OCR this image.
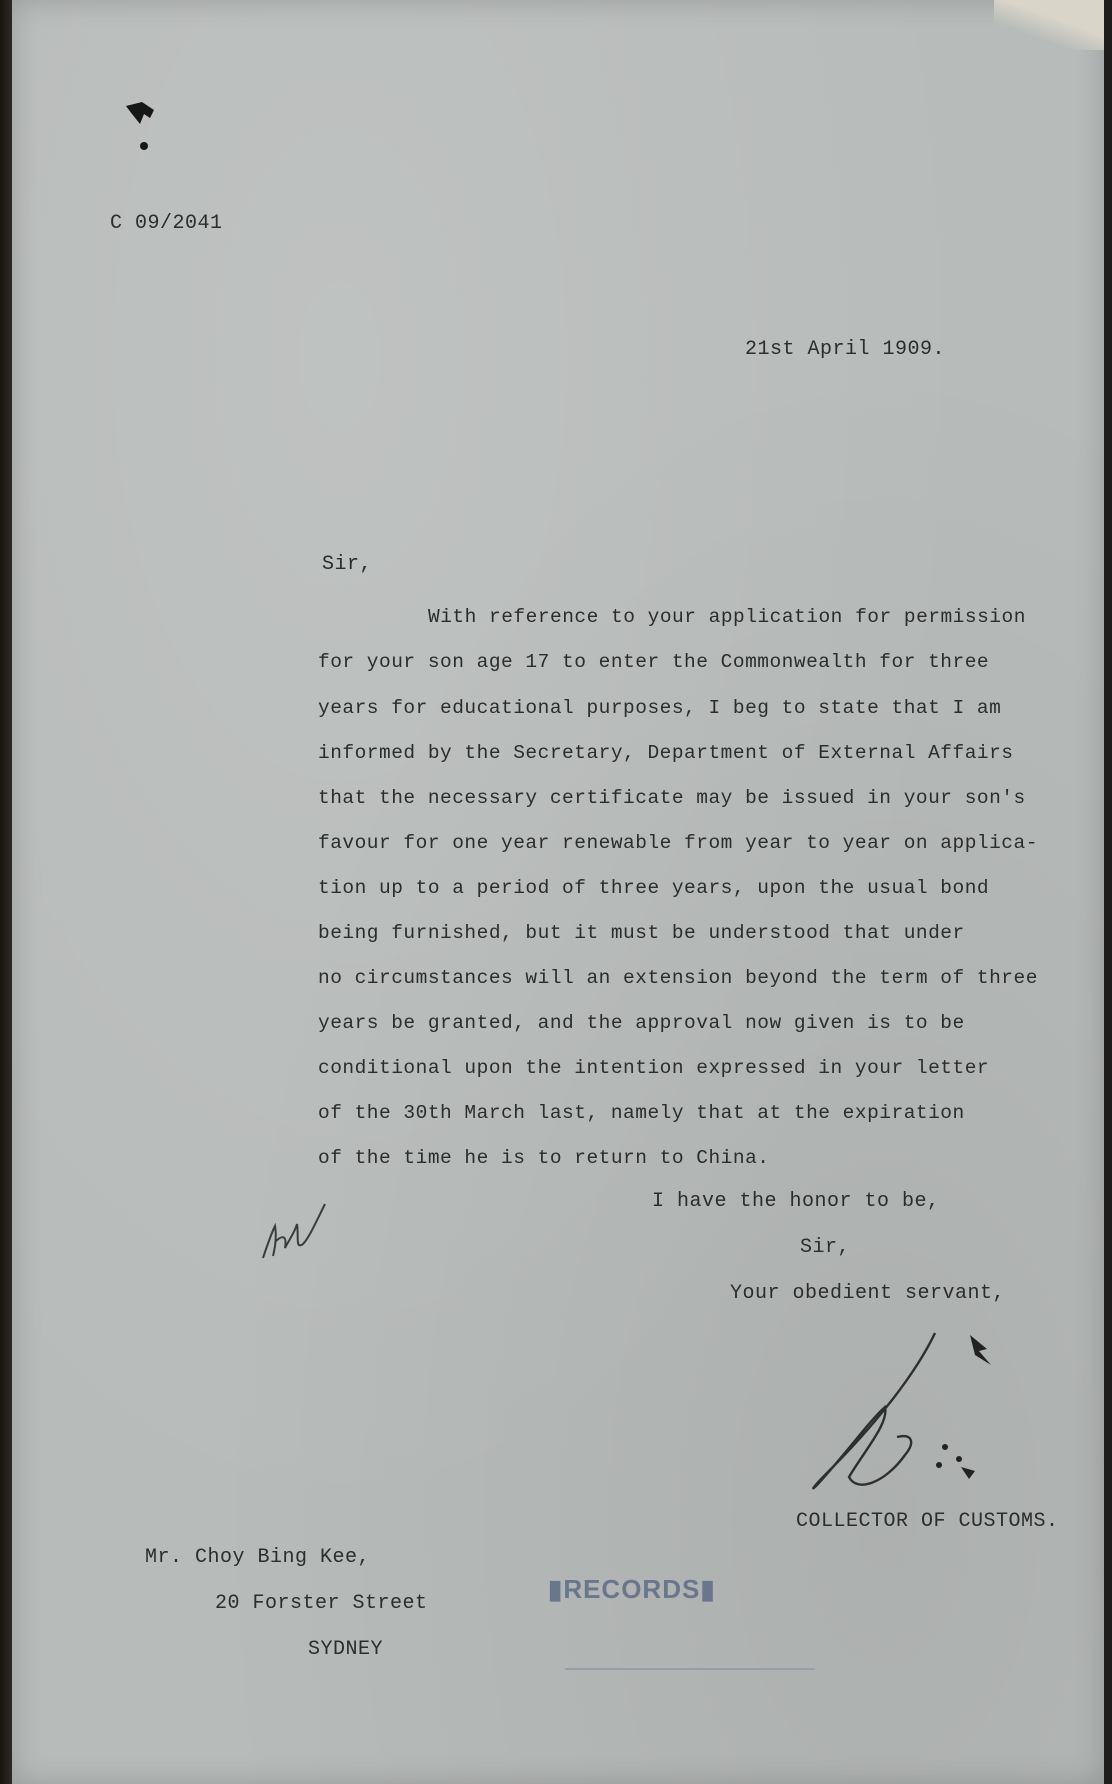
C 09/2041
21st April 1909.
Sir,
With reference to your application for permission
for your son age 17 to enter the Commonwealth for three
years for educational purposes, I beg to state that I am
informed by the Secretary, Department of External Affairs
that the necessary certificate may be issued in your son's
favour for one year renewable from year to year on applica-
tion up to a period of three years, upon the usual bond
being furnished, but it must be understood that under
no circumstances will an extension beyond the term of three
years be granted, and the approval now given is to be
conditional upon the intention expressed in your letter
of the 30th March last, namely that at the expiration
of the time he is to return to China.
I have the honor to be,
Sir,
Your obedient servant,
COLLECTOR OF CUSTOMS.
Mr. Choy Bing Kee,
20 Forster Street
SYDNEY
▮RECORDS▮
